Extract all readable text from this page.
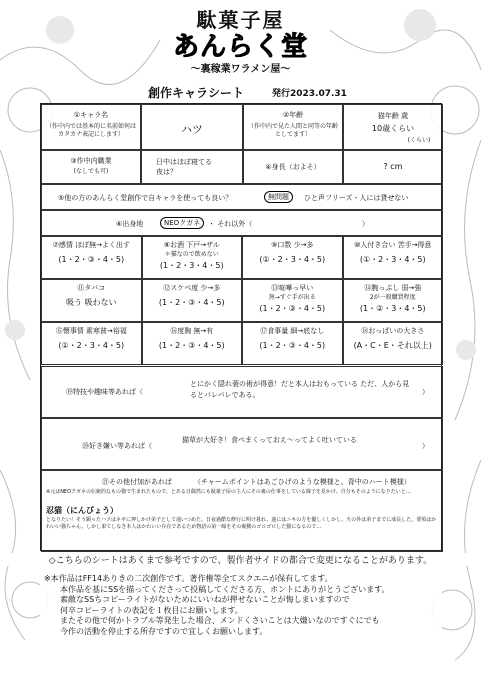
駄菓子屋
あんらく堂
～裏稼業ワラメン屋～
創作キャラシート	発行2023.07.31
①キャラ名
（作中内では基本的に名前如何はカタカナ表記にします）	ハツ
②年齢
（作中内で見た人間と同等の年齢としてます）
猫年齢 歳
10歳くらい
(くらい)
③作中内職業
(なしでも可)
日中はほぼ寝てる夜は？
④身長（およそ）	? cm
⑤他の方のあんらく堂創作で自キャラを使っても良い？	無問題	ひと声フリーズ・人には貸せない
⑥出身地	NEOクガネ	・ それ以外（	）
⑲特技や趣味等あれば（
とにかく隠れ蓑の術が得意！だと本人はおもっている ただ、人から見るとバレバレである。	）
⑳好き嫌い等あれば（
猫草が大好き！食べまくっておえ～ってよく吐いている
）
㉑その他付加があれば	（チャームポイントはあごひげのような模様と、背中のハート模様）
※元はNEOクガネの伝統的なもの猫で生まれたもので、とある日偶然にも駄菓子屋の主人にその裏の仕事をしている様子を見かけ、自分もそのようになりたいと…
忍猫（にんびょう）
となりたい！そう願ったハツはネギに押しかけ弟子として通いつめた。日夜過酷な修行に明け暮れ、遂にはニキの方を優しくしかし、火の外は弟子までに成長した。要領はかわいい猫ちゃん。しかし果てしなき本人はかわいい存在であるため物語の第一線をその裏側のゴロゴロした猫になるので…
⑦感情 ほぼ無→よく出す
(1・2・③・4・5)
⑧お酒 下戸→ザル
＊猫なので飲めない
(1・2・3・4・5)
⑨口数 少→多
(①・2・3・4・5)
⑩人付き合い 苦手→得意
(①・2・3・4・5)
⑪タバコ
吸う 吸わない
⑫スケベ度 少→多
(1・2・③・4・5)
⑬喧嘩っ早い
無→すぐ手が出る
(1・2・③・4・5)
⑭腕っぷし 弱→強
2が一般購買程度
(1・②・3・4・5)
⑮懐事情 素寒貧→裕福
(①・2・3・4・5)
⑯度胸 無→有
(1・2・③・4・5)
⑰食事量 細→底なし
(1・2・③・4・5)
⑱おっぱいの大きさ
(A・C・E・それ以上)
◇こちらのシートはあくまで参考ですので、製作者サイドの都合で変更になることがあります。
※本作品はFF14ありきの二次創作です。著作権等全てスクエニが保有してます。
本作品を基にSSを描ってくださって投稿してくださる方、ホントにありがとうございます。
素敵なSSちコピーライトがないためにいいねが押せないことが悔しまいますので
何卒コピーライトの表記を１枚目にお願いします。
またその他で何かトラブル等発生した場合、メンドくさいことは大嫌いなのですぐにでも
今作の活動を停止する所存ですので宜しくお願いします。
